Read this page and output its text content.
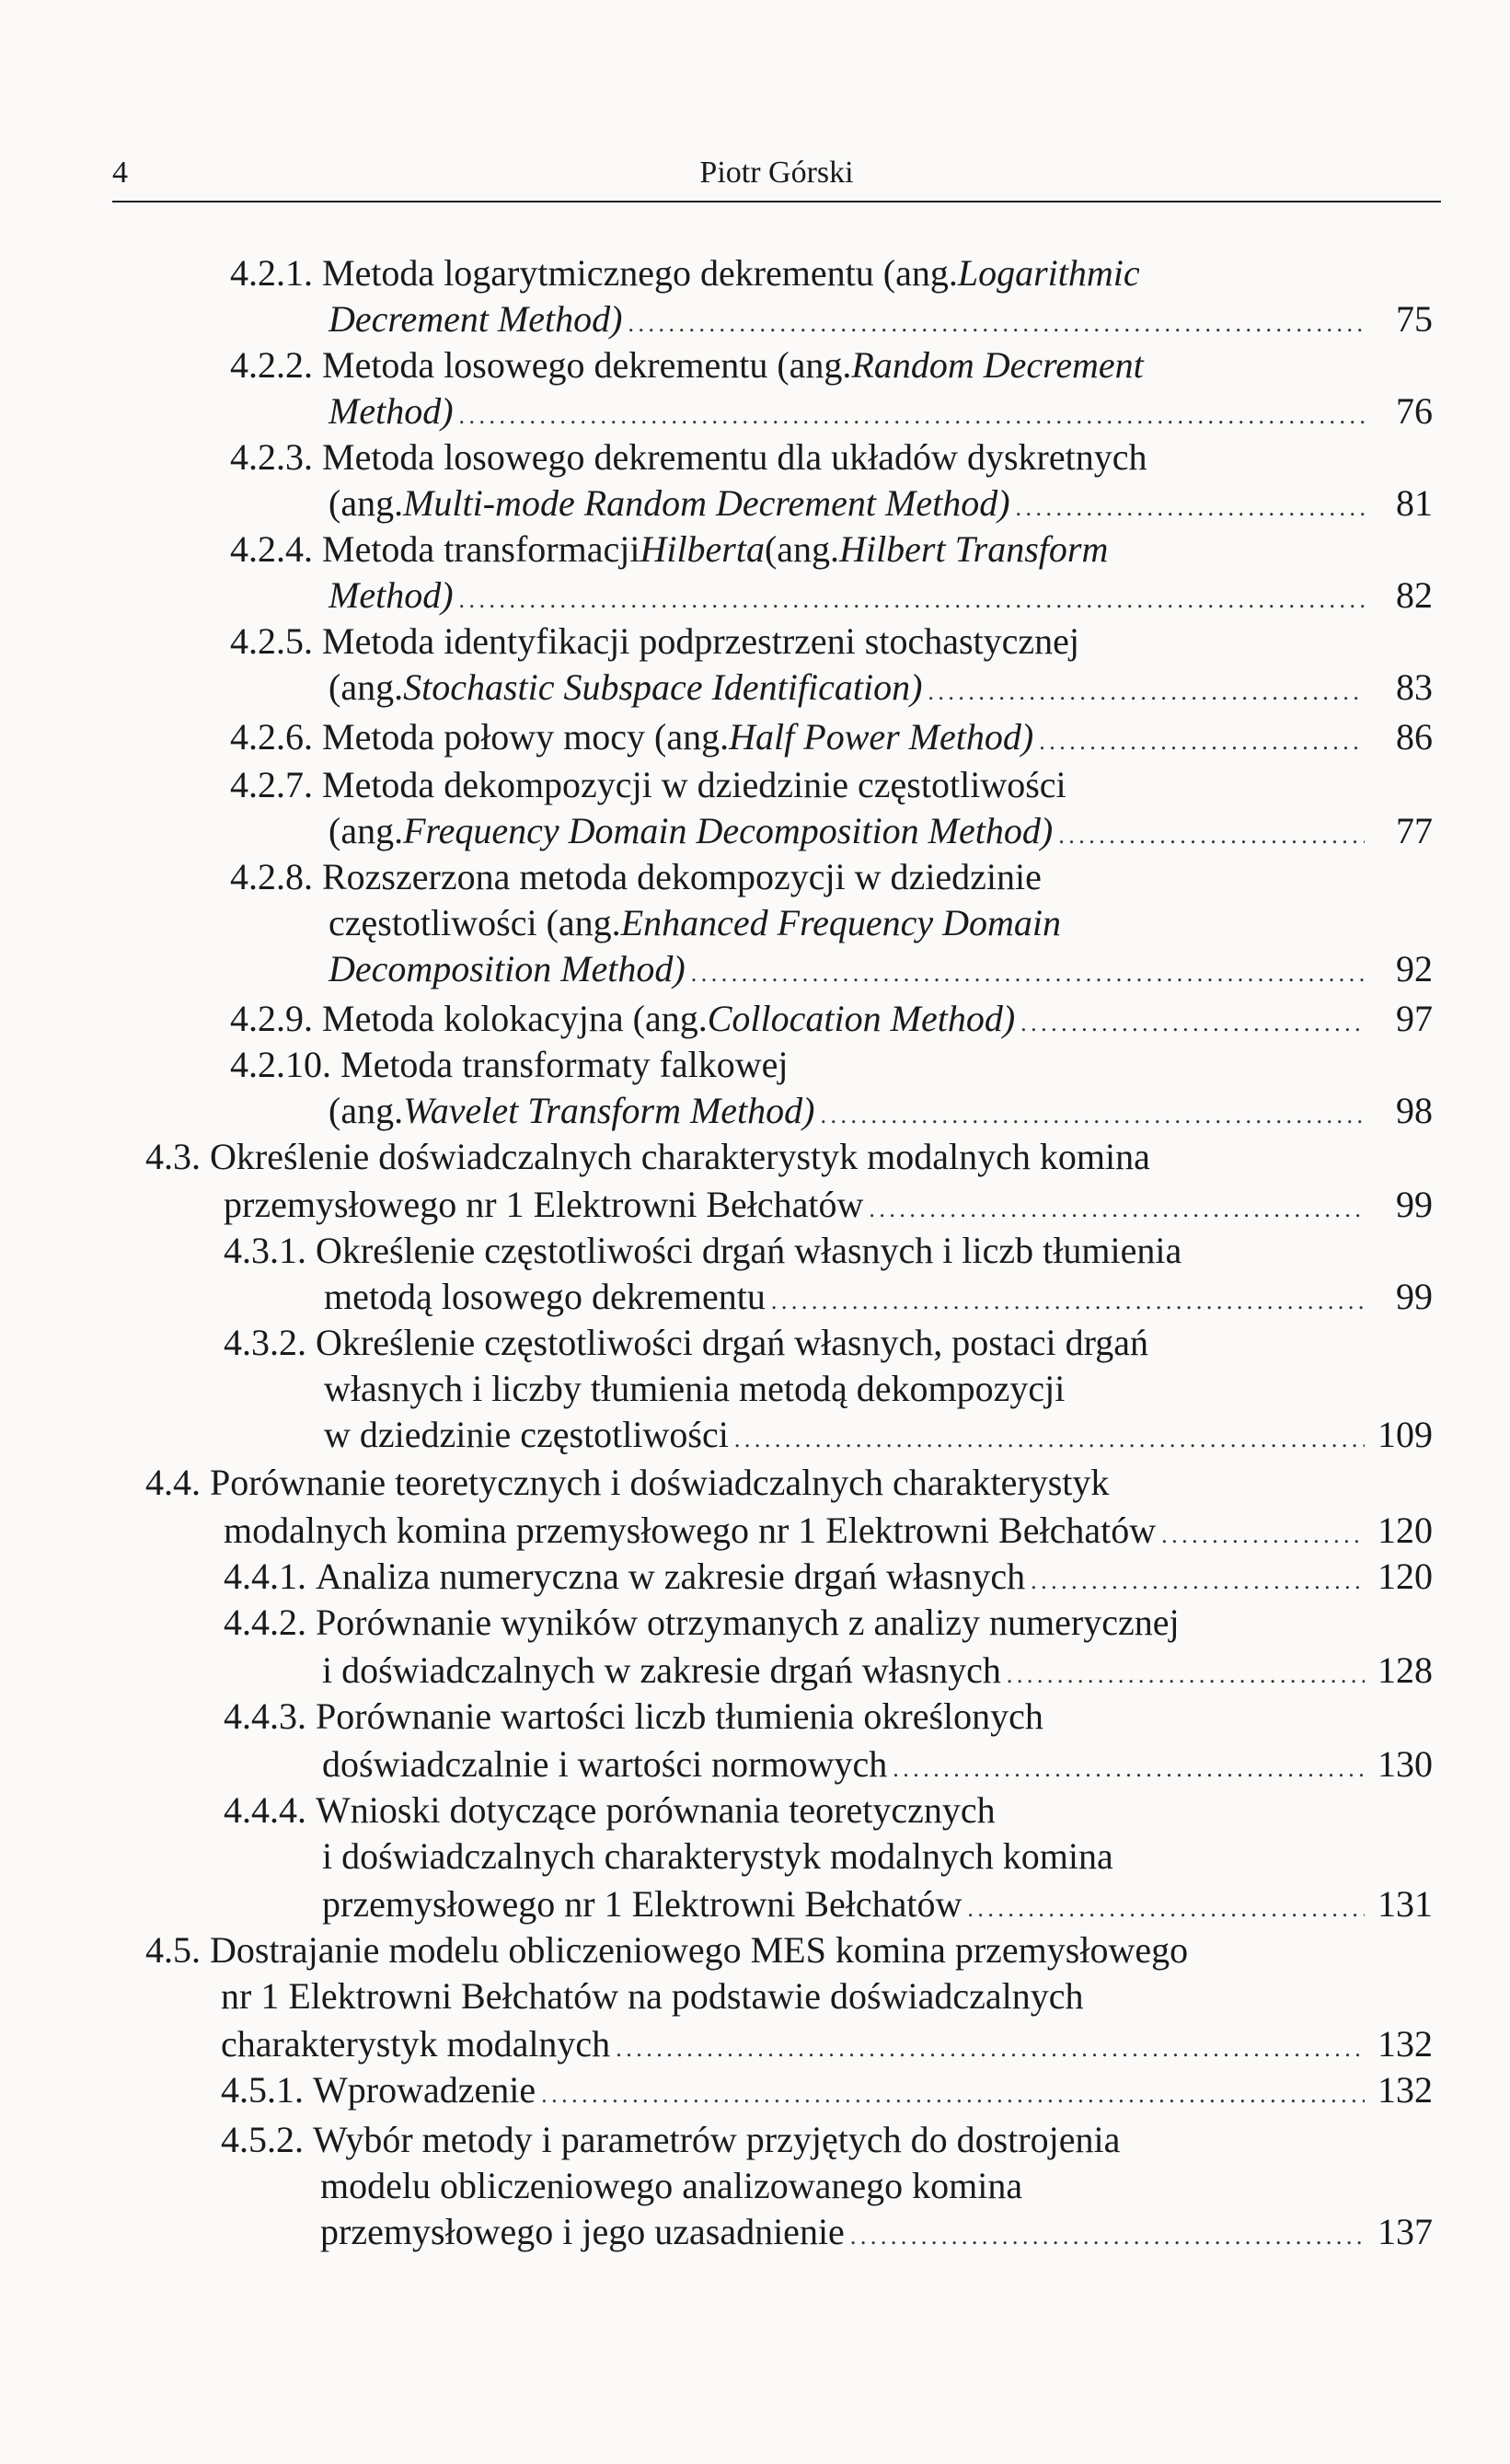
4	Piotr Górski
4.2.1.
Metoda logarytmicznego dekrementu (ang. Logarithmic
Decrement Method) . . .	75
4.2.2.
Metoda losowego dekrementu (ang. Random Decrement
Method) . . .	76
4.2.3.
Metoda losowego dekrementu dla układów dyskretnych
(ang. Multi-mode Random Decrement Method) . . .	81
4.2.4.
Metoda transformacji Hilberta (ang. Hilbert Transform
Method) . . .	82
4.2.5.
Metoda identyfikacji podprzestrzeni stochastycznej
(ang. Stochastic Subspace Identification) . . .	83
4.2.6.
Metoda połowy mocy (ang. Half Power Method) . . .	86
4.2.7.
Metoda dekompozycji w dziedzinie częstotliwości
(ang. Frequency Domain Decomposition Method) . . .	77
4.2.8.
Rozszerzona metoda dekompozycji w dziedzinie
częstotliwości (ang. Enhanced Frequency Domain
Decomposition Method) . . .	92
4.2.9.
Metoda kolokacyjna (ang. Collocation Method) . . .	97
4.2.10.
Metoda transformaty falkowej
(ang. Wavelet Transform Method) . . .	98
4.3.
Określenie doświadczalnych charakterystyk modalnych komina
przemysłowego nr 1 Elektrowni Bełchatów . . .	99
4.3.1.
Określenie częstotliwości drgań własnych i liczb tłumienia
metodą losowego dekrementu . . .	99
4.3.2.
Określenie częstotliwości drgań własnych, postaci drgań
własnych i liczby tłumienia metodą dekompozycji
w dziedzinie częstotliwości . . .	109
4.4.
Porównanie teoretycznych i doświadczalnych charakterystyk
modalnych komina przemysłowego nr 1 Elektrowni Bełchatów . . .	120
4.4.1.
Analiza numeryczna w zakresie drgań własnych . . .	120
4.4.2.
Porównanie wyników otrzymanych z analizy numerycznej
i doświadczalnych w zakresie drgań własnych . . .	128
4.4.3.
Porównanie wartości liczb tłumienia określonych
doświadczalnie i wartości normowych . . .	130
4.4.4.
Wnioski dotyczące porównania teoretycznych
i doświadczalnych charakterystyk modalnych komina
przemysłowego nr 1 Elektrowni Bełchatów . . .	131
4.5.
Dostrajanie modelu obliczeniowego MES komina przemysłowego
nr 1 Elektrowni Bełchatów na podstawie doświadczalnych
charakterystyk modalnych . . .	132
4.5.1.
Wprowadzenie . . .	132
4.5.2.
Wybór metody i parametrów przyjętych do dostrojenia
modelu obliczeniowego analizowanego komina
przemysłowego i jego uzasadnienie . . .	137
